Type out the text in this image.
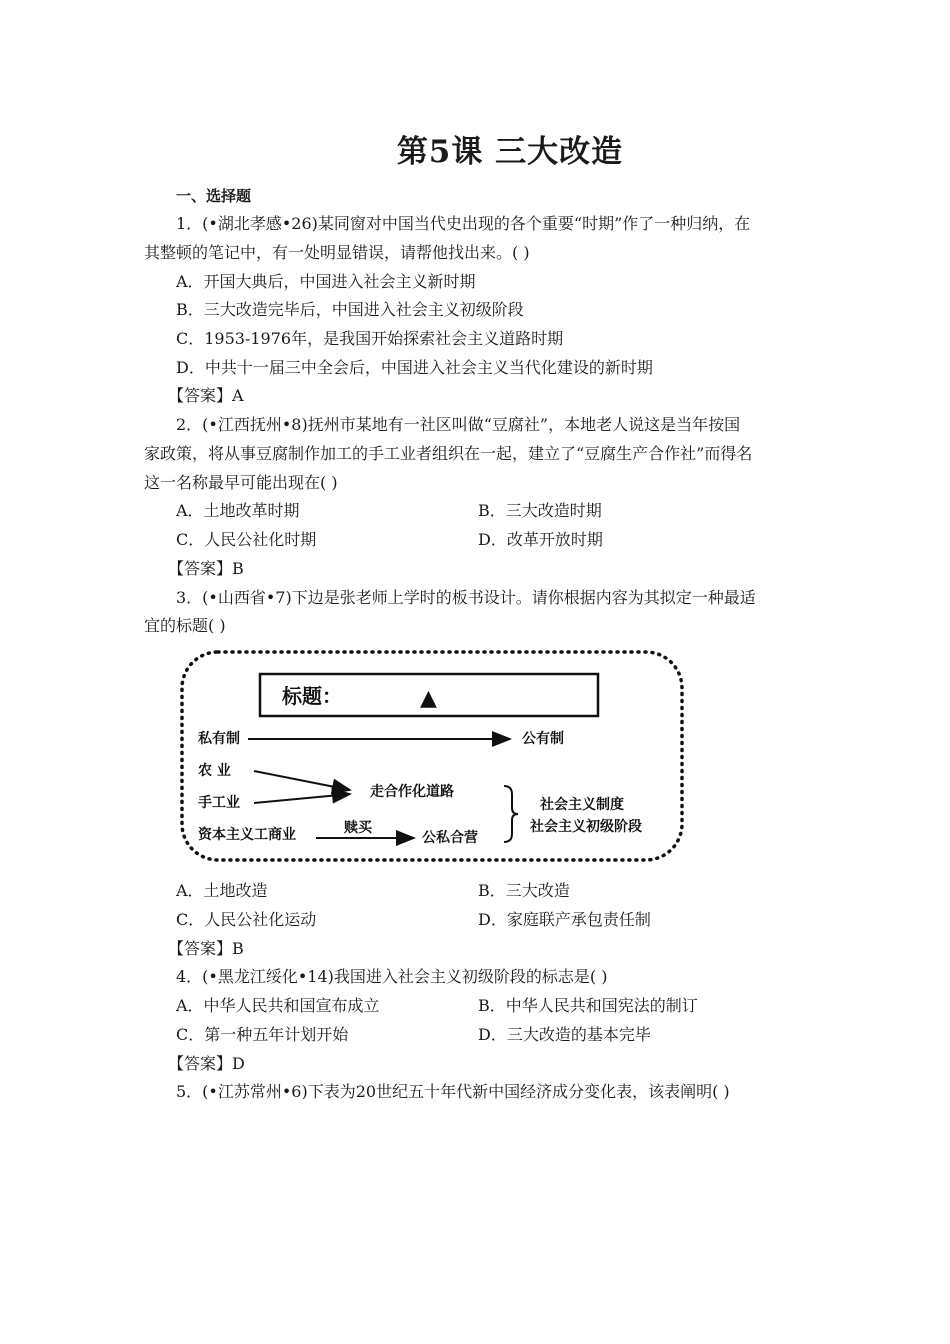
第5课 三大改造
一、选择题
1．(•湖北孝感•26)某同窗对中国当代史出现的各个重要“时期”作了一种归纳，在
其整顿的笔记中，有一处明显错误，请帮他找出来。( )
A．开国大典后，中国进入社会主义新时期
B．三大改造完毕后，中国进入社会主义初级阶段
C．1953-1976年，是我国开始探索社会主义道路时期
D．中共十一届三中全会后，中国进入社会主义当代化建设的新时期
【答案】A
2．(•江西抚州•8)抚州市某地有一社区叫做“豆腐社”，本地老人说这是当年按国
家政策，将从事豆腐制作加工的手工业者组织在一起，建立了“豆腐生产合作社”而得名
这一名称最早可能出现在( )
A．土地改革时期	B．三大改造时期
C．人民公社化时期	D．改革开放时期
【答案】B
3．(•山西省•7)下边是张老师上学时的板书设计。请你根据内容为其拟定一种最适
宜的标题( )
标题：	▲
私有制	公有制
农 业
手工业
走合作化道路
资本主义工商业	赎买
公私合营
社会主义制度
社会主义初级阶段
A．土地改造	B．三大改造
C．人民公社化运动	D．家庭联产承包责任制
【答案】B
4．(•黑龙江绥化•14)我国进入社会主义初级阶段的标志是( )
A．中华人民共和国宣布成立	B．中华人民共和国宪法的制订
C．第一种五年计划开始	D．三大改造的基本完毕
【答案】D
5．(•江苏常州•6)下表为20世纪五十年代新中国经济成分变化表，该表阐明( )
